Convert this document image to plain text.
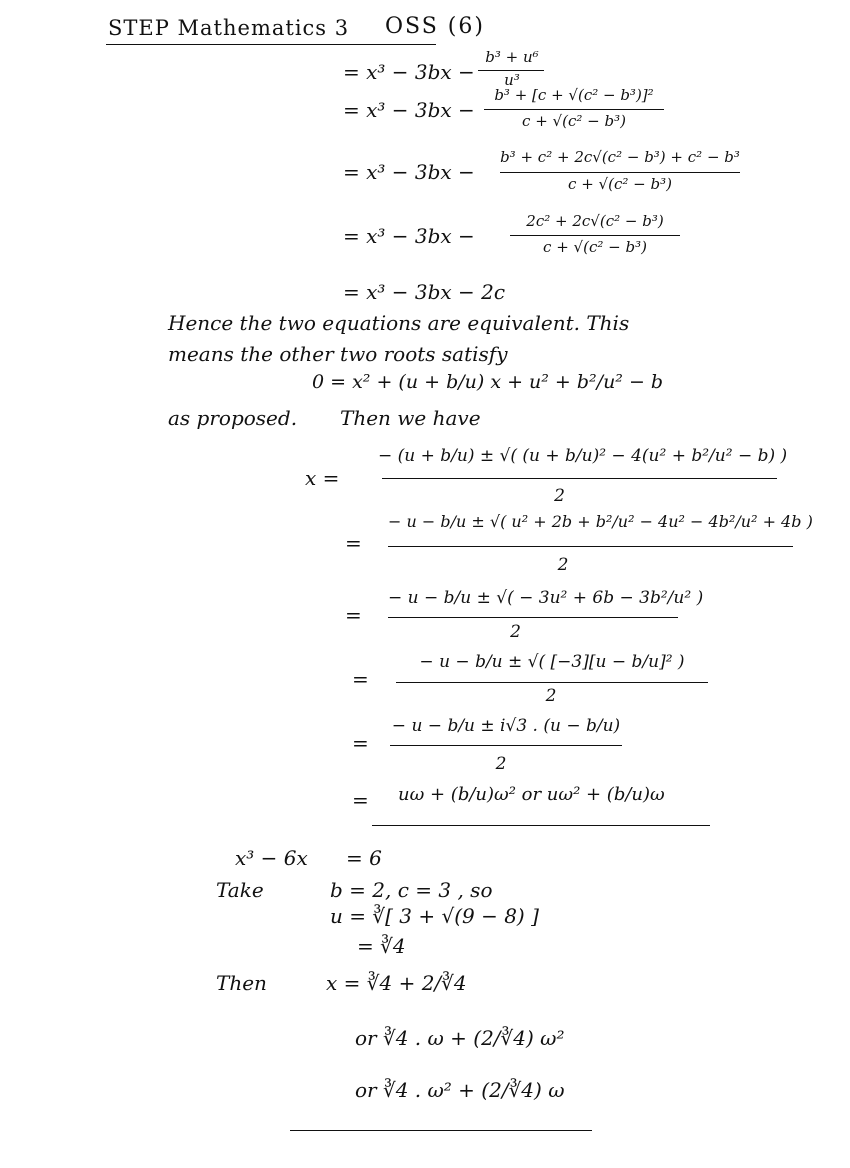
STEP Mathematics 3 OSS (6)
= x³ − 3bx −
b³ + u⁶
u³
= x³ − 3bx −
b³ + [c + √(c² − b³)]²
c + √(c² − b³)
= x³ − 3bx −
b³ + c² + 2c√(c² − b³) + c² − b³
c + √(c² − b³)
= x³ − 3bx −
2c² + 2c√(c² − b³)
c + √(c² − b³)
= x³ − 3bx − 2c
Hence the two equations are equivalent. This
means the other two roots satisfy
0 = x² + (u + b/u) x + u² + b²/u² − b
as proposed. Then we have
x =
− (u + b/u) ± √( (u + b/u)² − 4(u² + b²/u² − b) )
2
=
− u − b/u ± √( u² + 2b + b²/u² − 4u² − 4b²/u² + 4b )
2
=
− u − b/u ± √( − 3u² + 6b − 3b²/u² )
2
=
− u − b/u ± √( [−3][u − b/u]² )
2
=
− u − b/u ± i√3 . (u − b/u)
2
= uω + (b/u)ω² or uω² + (b/u)ω
x³ − 6x = 6
Take	b = 2, c = 3 , so
u = ∛[ 3 + √(9 − 8) ]
= ∛4
Then	x = ∛4 + 2/∛4
or ∛4 . ω + (2/∛4) ω²
or ∛4 . ω² + (2/∛4) ω
